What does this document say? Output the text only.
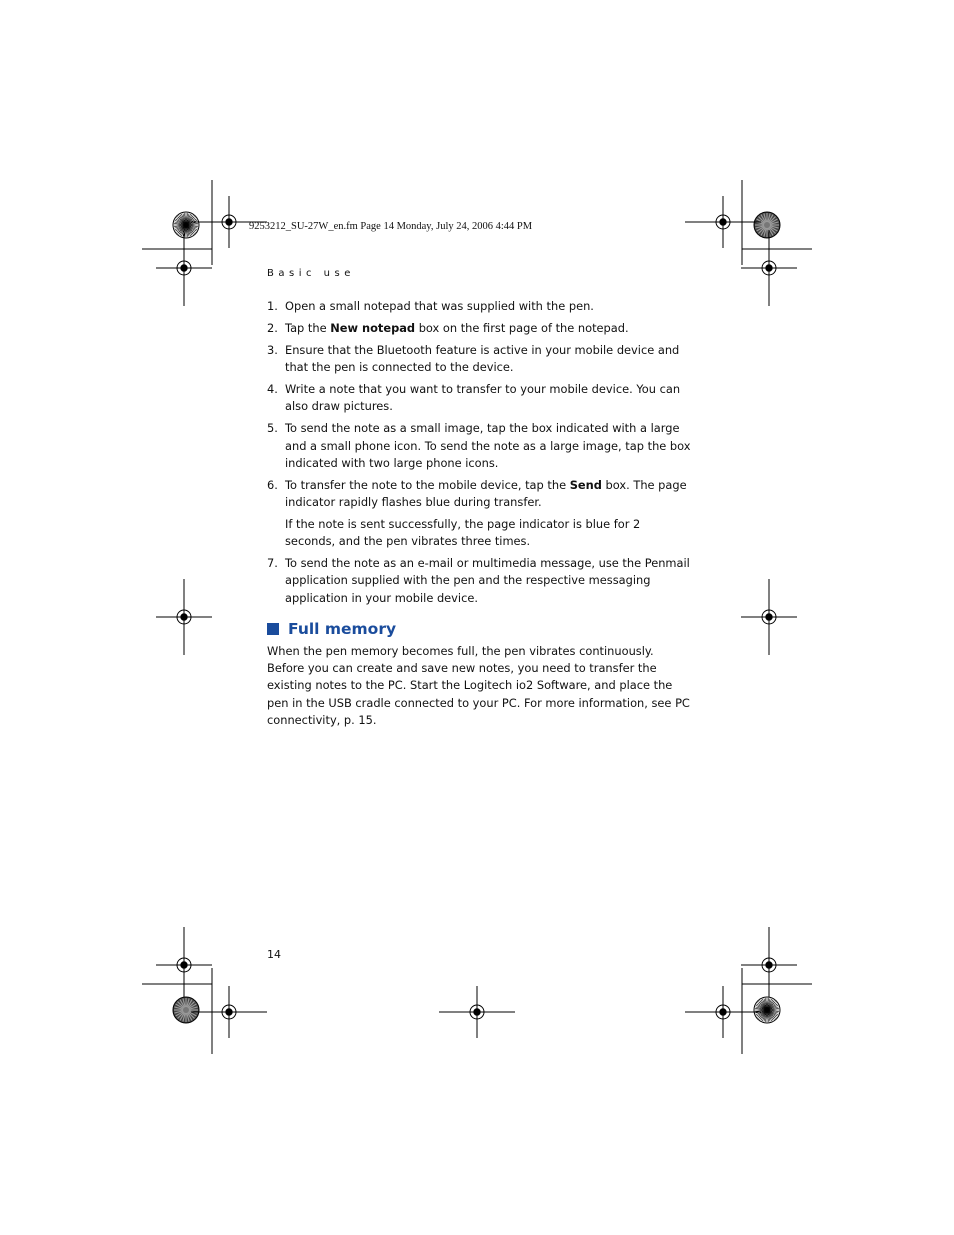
9253212_SU-27W_en.fm Page 14 Monday, July 24, 2006 4:44 PM
Basic use
1. Open a small notepad that was supplied with the pen.

2. Tap the New notepad box on the first page of the notepad.

3. Ensure that the Bluetooth feature is active in your mobile device and that the pen is connected to the device.

4. Write a note that you want to transfer to your mobile device. You can also draw pictures.

5. To send the note as a small image, tap the box indicated with a large and a small phone icon. To send the note as a large image, tap the box indicated with two large phone icons.

6. To transfer the note to the mobile device, tap the Send box. The page indicator rapidly flashes blue during transfer.

If the note is sent successfully, the page indicator is blue for 2 seconds, and the pen vibrates three times.

7. To send the note as an e-mail or multimedia message, use the Penmail application supplied with the pen and the respective messaging application in your mobile device.

Full memory

When the pen memory becomes full, the pen vibrates continuously. Before you can create and save new notes, you need to transfer the existing notes to the PC. Start the Logitech io2 Software, and place the pen in the USB cradle connected to your PC. For more information, see PC connectivity, p. 15.

14
